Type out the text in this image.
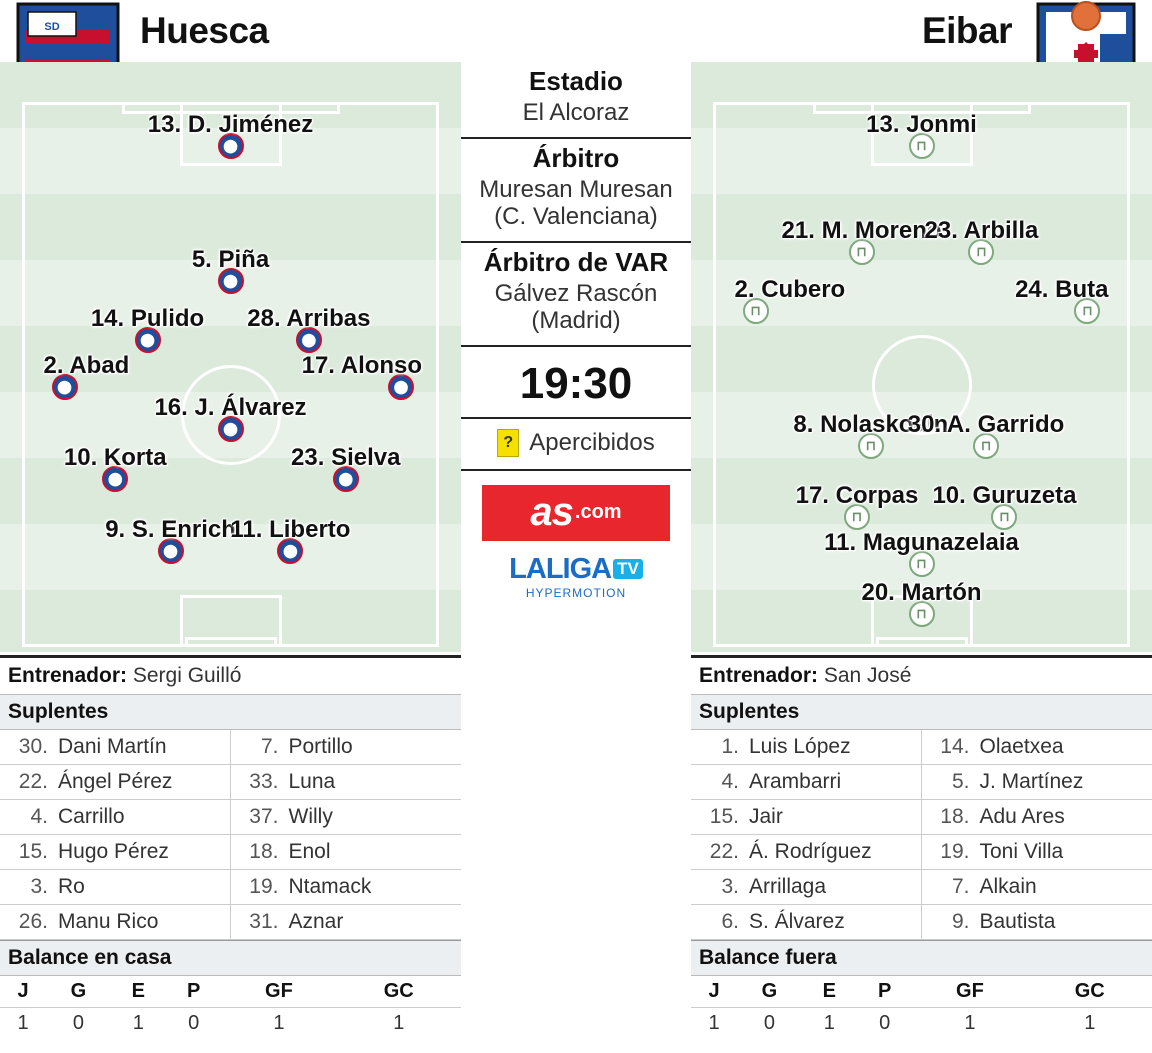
SD Huesca	Eibar
13. D. Jiménez
⬤
5. Piña
⬤
14. Pulido
⬤
28. Arribas
⬤
2. Abad
⬤
17. Alonso
⬤
16. J. Álvarez
⬤
10. Korta
⬤
23. Sielva
⬤
9. S. Enrich
⬤
11. Liberto
⬤
13. Jonmi
⊓
21. M. Moreno
⊓
23. Arbilla
⊓
2. Cubero
⊓
24. Buta
⊓
8. Nolaskoain
⊓
30. A. Garrido
⊓
17. Corpas
⊓
10. Guruzeta
⊓
11. Magunazelaia
⊓
20. Martón
⊓
Estadio
El Alcoraz
Árbitro
Muresan Muresan (C. Valenciana)
Árbitro de VAR
Gálvez Rascón (Madrid)
19:30
? Apercibidos
as .com
LALIGA TV
HYPERMOTION
Entrenador: Sergi Guilló
Suplentes
30. Dani Martín	7. Portillo
22. Ángel Pérez	33. Luna
4. Carrillo	37. Willy
15. Hugo Pérez	18. Enol
3. Ro	19. Ntamack
26. Manu Rico	31. Aznar
Balance en casa
J	G	E	P	GF	GC
1	0	1	0	1	1
Entrenador: San José
Suplentes
1. Luis López	14. Olaetxea
4. Arambarri	5. J. Martínez
15. Jair	18. Adu Ares
22. Á. Rodríguez	19. Toni Villa
3. Arrillaga	7. Alkain
6. S. Álvarez	9. Bautista
Balance fuera
J	G	E	P	GF	GC
1	0	1	0	1	1
